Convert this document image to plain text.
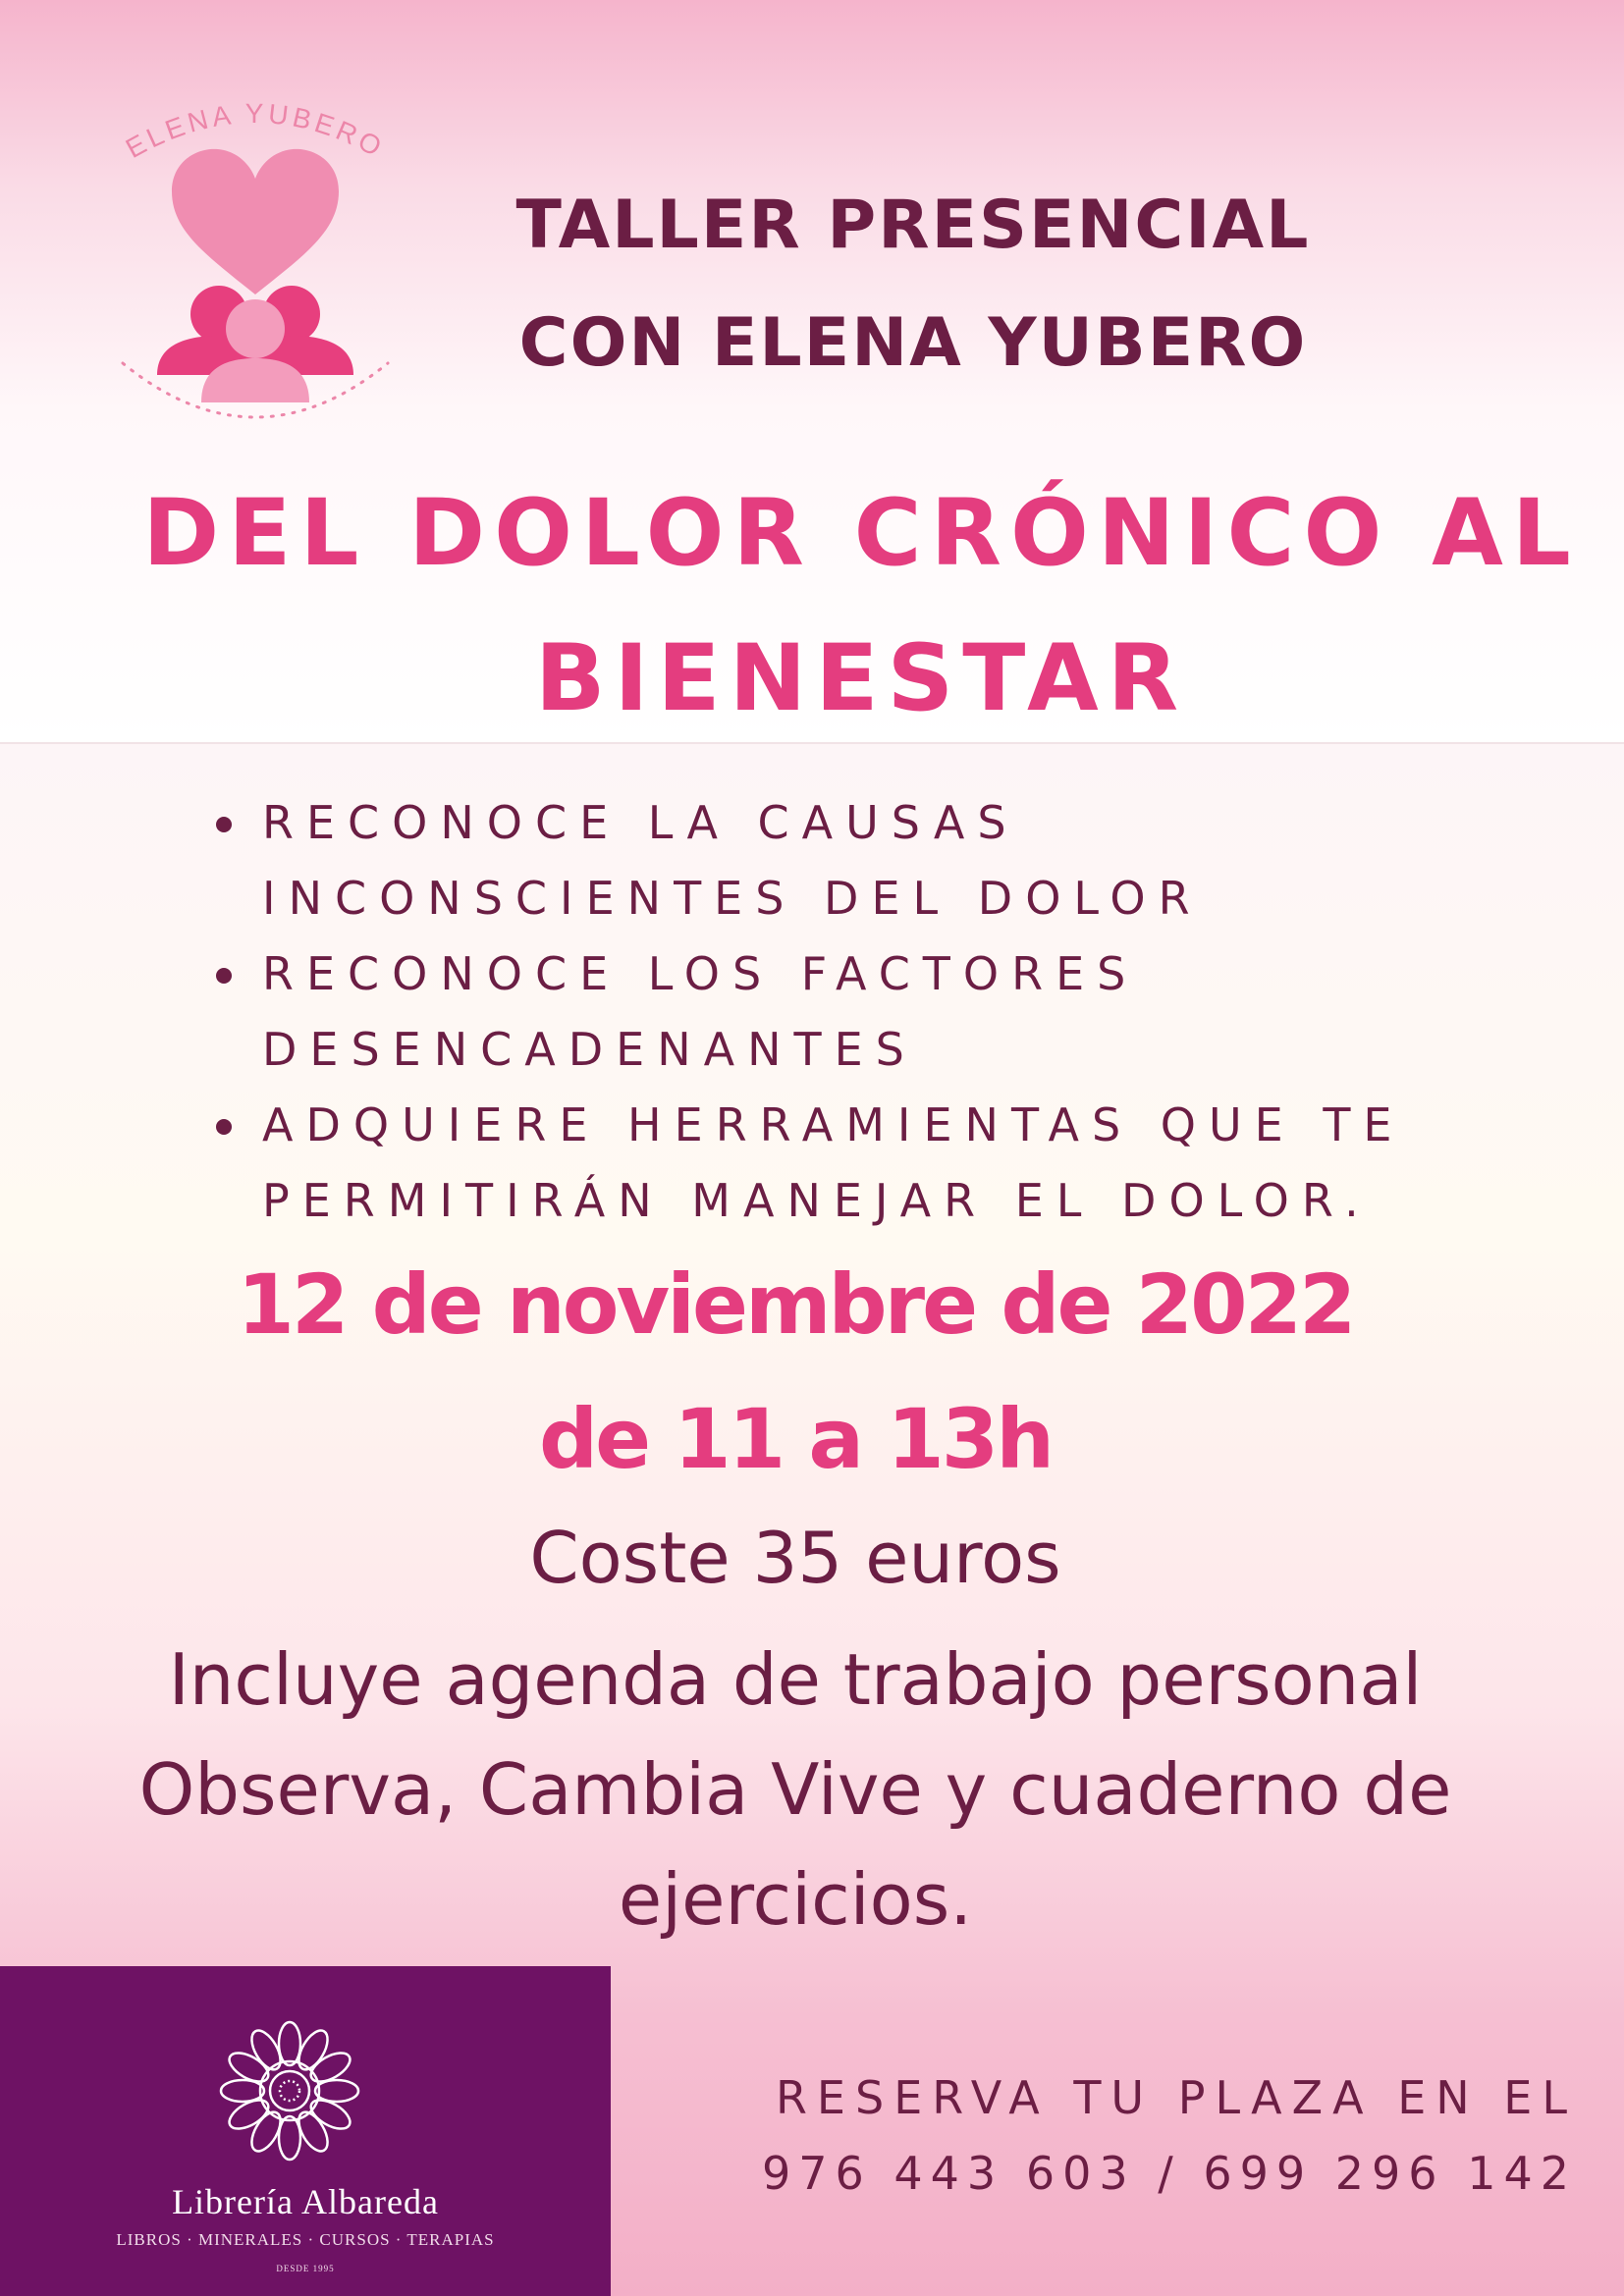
ELENA YUBERO
TALLER PRESENCIAL
CON ELENA YUBERO
DEL DOLOR CRÓNICO AL
BIENESTAR
RECONOCE LA CAUSAS
INCONSCIENTES DEL DOLOR
RECONOCE LOS FACTORES
DESENCADENANTES
ADQUIERE HERRAMIENTAS QUE TE
PERMITIRÁN MANEJAR EL DOLOR.

12 de noviembre de 2022

de 11 a 13h

Coste 35 euros

Incluye agenda de trabajo personal
Observa, Cambia Vive y cuaderno de
ejercicios.

Librería Albareda

LIBROS · MINERALES · CURSOS · TERAPIAS

DESDE 1995

RESERVA TU PLAZA EN EL

976 443 603 / 699 296 142
